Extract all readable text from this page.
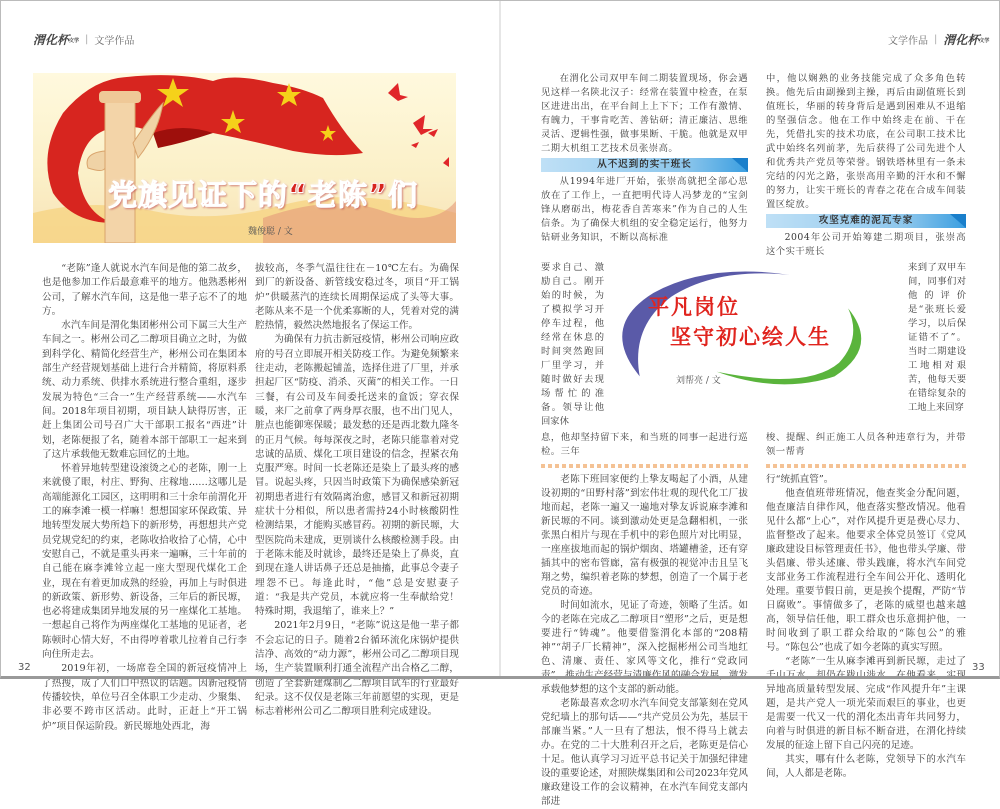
渭化杯文学 | 文学作品	文学作品 | 渭化杯文学
党旗见证下的“老陈”们
魏俊聪 / 文

“老陈”逢人就说水汽车间是他的第二故乡，也是他参加工作后最意难平的地方。他熟悉彬州公司，了解水汽车间，这是他一辈子忘不了的地方。

水汽车间是渭化集团彬州公司下属三大生产车间之一。彬州公司乙二醇项目确立之时，为做到科学化、精简化经营生产，彬州公司在集团本部生产经营规划基础上进行合并精简，将原料系统、动力系统、供排水系统进行整合重组，逐步发展为特色“三合一”生产经营系统——水汽车间。2018年项目初期，项目缺人缺得厉害，正赶上集团公司号召广大干部职工报名“西进”计划，老陈便报了名，随着本部干部职工一起来到了这片承载他无数难忘回忆的土地。

怀着异地转型建设滚烫之心的老陈，刚一上来就傻了眼，村庄、野狗、庄稼地……这哪儿是高端能源化工园区，这明明和三十余年前渭化开工的麻李滩一模一样嘛！想想国家环保政策、异地转型发展大势所趋下的新形势，再想想共产党员党规党纪的约束，老陈收拾收拾了心情，心中安慰自己，不就是重头再来一遍嘛，三十年前的自己能在麻李滩耸立起一座大型现代煤化工企业，现在有着更加成熟的经验，再加上与时俱进的新政策、新形势、新设备，三年后的新民塬，也必将建成集团异地发展的另一座煤化工基地。一想起自己将作为两座煤化工基地的见证者，老陈顿时心情大好，不由得哼着歌儿拉着自己行李向住所走去。

2019年初，一场席卷全国的新冠疫情冲上了热搜，成了人们口中热议的话题。因新冠疫情传播较快，单位号召全体职工少走动、少聚集、非必要不跨市区活动。此时，正赶上“开工锅炉”项目保运阶段。新民塬地处西北，海

拔较高，冬季气温往往在－10℃左右。为确保到厂的新设备、新管线安稳过冬，项目“开工锅炉”供暖蒸汽的连续长周期保运成了头等大事。老陈从来不是一个优柔寡断的人，凭着对党的满腔热情，毅然决然地报名了保运工作。

为确保有力抗击新冠疫情，彬州公司响应政府的号召立即展开相关防疫工作。为避免频繁来往走动，老陈搬起铺盖，选择住进了厂里，并承担起厂区“防疫、消杀、灭菌”的相关工作。一日三餐，有公司及车间委托送来的盒饭；穿衣保暖，来厂之前拿了两身厚衣服，也不出门见人，脏点也能御寒保暖；最发愁的还是西北数九隆冬的正月气候。每每深夜之时，老陈只能靠着对党忠诚的品质、煤化工项目建设的信念，捏紧衣角克服严寒。时间一长老陈还是染上了最头疼的感冒。说起头疼，只因当时政策下为确保感染新冠初期患者进行有效隔离治愈，感冒又和新冠初期症状十分相似，所以患者需持24小时核酸阴性检测结果，才能购买感冒药。初期的新民塬，大型医院尚未建成，更别谈什么核酸检测手段。由于老陈未能及时就诊，最终还是染上了鼻炎，直到现在逢人讲话鼻子还总是抽搐，此事总令妻子埋怨不已。每逢此时，“他”总是安慰妻子道：“我是共产党员，本就应将一生奉献给党！特殊时期，我退缩了，谁来上？”

2021年2月9日，“老陈”说这是他一辈子都不会忘记的日子。随着2台循环流化床锅炉提供洁净、高效的“动力源”，彬州公司乙二醇项目现场，生产装置顺利打通全流程产出合格乙二醇，创造了全套新建煤制乙二醇项目试车的行业最好纪录。这不仅仅是老陈三年前愿望的实现，更是标志着彬州公司乙二醇项目胜利完成建设。

在渭化公司双甲车间二期装置现场，你会遇见这样一名陕北汉子：经常在装置中检查，在泵区进进出出，在平台间上上下下；工作有激情、有魄力，干事肯吃苦、善钻研；清正廉洁、思维灵活、逻辑性强，做事果断、干脆。他就是双甲二期大机组工艺技术员张崇高。

从不迟到的实干班长

从1994年进厂开始，张崇高就把全部心思放在了工作上，一直把明代诗人冯梦龙的“宝剑锋从磨砺出，梅花香自苦寒来”作为自己的人生信条。为了确保大机组的安全稳定运行，他努力钻研业务知识，不断以高标准

中，他以娴熟的业务技能完成了众多角色转换。他先后由副操到主操，再后由副值班长到值班长，华丽的转身背后是遇到困难从不退缩的坚强信念。他在工作中始终走在前、干在先，凭借扎实的技术功底，在公司职工技术比武中始终名列前茅，先后获得了公司先进个人和优秀共产党员等荣誉。钢铁塔林里有一条未完结的闪光之路，张崇高用辛勤的汗水和不懈的努力，让实干班长的青春之花在合成车间装置区绽放。

攻坚克难的泥瓦专家

2004年公司开始筹建二期项目，张崇高这个实干班长

要求自己、激励自己。刚开始的时候，为了模拟学习开停车过程，他经常在休息的时间突然跑回厂里学习，并随时做好去现场帮忙的准备。领导让他回家休
平凡岗位
坚守初心绘人生
刘帮亮 / 文
来到了双甲车间，同事们对他的评价是“张班长爱学习，以后保证错不了”。当时二期建设工地相对艰苦，他每天要在错综复杂的工地上来回穿

息，他却坚持留下来，和当班的同事一起进行巡检。三年

梭、提醒、纠正施工人员各种违章行为，并带领一帮青

老陈下班回家便约上挚友喝起了小酒，从建设初期的“田野村落”到宏伟壮观的现代化工厂拔地而起，老陈一遍又一遍地对挚友诉说麻李滩和新民塬的不同。谈到激动处更是急翻相机，一张张黑白相片与现在手机中的彩色照片对比明显，一座座拔地而起的锅炉烟囱、塔罐槽釜，还有穿插其中的密布管廊，富有极强的视觉冲击且呈飞翔之势，编织着老陈的梦想，创造了一个属于老党员的奇迹。

时间如流水，见证了奇迹，领略了生活。如今的老陈在完成乙二醇项目“塑形”之后，更是想要进行“铸魂”。他要借鉴渭化本部的“208精神”“胡子厂长精神”，深入挖掘彬州公司当地红色、清廉、责任、家风等文化，推行“党政同责”，推动生产经营与清廉作风的融合发展，激发承载他梦想的这个支部的新动能。

老陈最喜欢念叨水汽车间党支部篆刻在党风党纪墙上的那句话——“共产党员公为先，基层干部廉当紧。”人一旦有了想法，恨不得马上就去办。在党的二十大胜利召开之后，老陈更是信心十足。他认真学习习近平总书记关于加强纪律建设的重要论述，对照陕煤集团和公司2023年党风廉政建设工作的会议精神，在水汽车间党支部内部进

行“统抓直管”。

他查值班带班情况，他查奖金分配问题，他查廉洁自律作风，他查落实整改情况。他看见什么都“上心”，对作风提升更是费心尽力、监督整改了起来。他要求全体党员签订《党风廉政建设目标管理责任书》，他也带头学廉、带头倡廉、带头述廉、带头践廉，将水汽车间党支部业务工作流程进行全车间公开化、透明化处理。重要节假日前，更是挨个提醒，严防“节日腐败”。事情做多了，老陈的威望也越来越高，领导信任他，职工群众也乐意拥护他，一时间收到了职工群众给取的“陈包公”的雅号。“陈包公”也成了如今老陈的真实写照。

“老陈”一生从麻李滩再到新民塬，走过了千山万水，却仍在跋山涉水。在他看来，实现异地高质量转型发展、完成“作风提升年”主课题，是共产党人一项光荣而艰巨的事业，也更是需要一代又一代的渭化杰出青年共同努力，向着与时俱进的新目标不断奋进，在渭化持续发展的征途上留下自己闪亮的足迹。

其实，哪有什么老陈，党领导下的水汽车间，人人都是老陈。

32	33
